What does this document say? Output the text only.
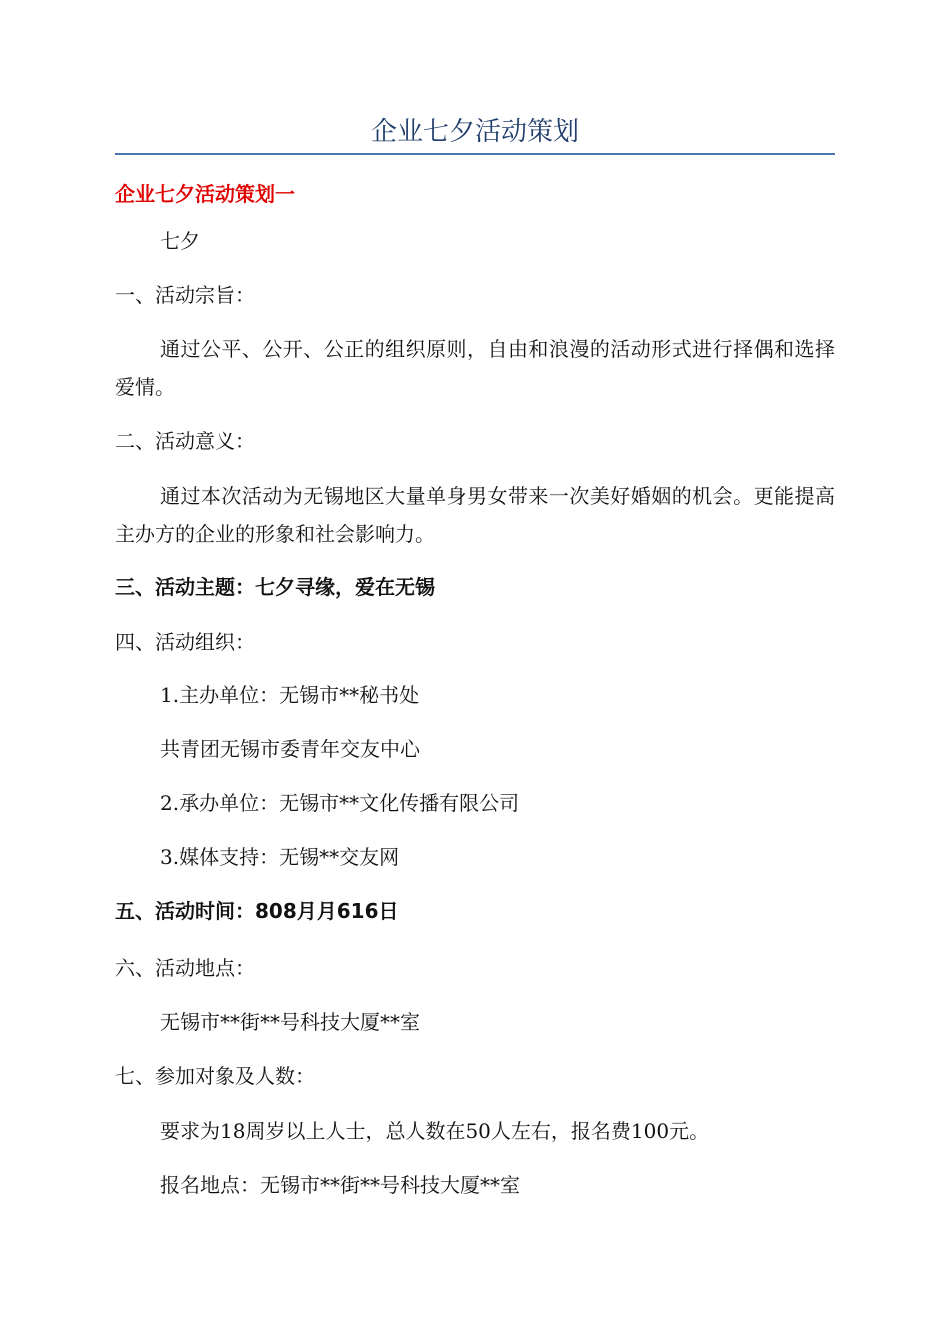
企业七夕活动策划
企业七夕活动策划一
七夕
一、活动宗旨：
通过公平、公开、公正的组织原则，自由和浪漫的活动形式进行择偶和选择爱情。
二、活动意义：
通过本次活动为无锡地区大量单身男女带来一次美好婚姻的机会。更能提高主办方的企业的形象和社会影响力。
三、活动主题：七夕寻缘，爱在无锡
四、活动组织：
1.主办单位：无锡市**秘书处
共青团无锡市委青年交友中心
2.承办单位：无锡市**文化传播有限公司
3.媒体支持：无锡**交友网
五、活动时间：808月月616日
六、活动地点：
无锡市**街**号科技大厦**室
七、参加对象及人数：
要求为18周岁以上人士，总人数在50人左右，报名费100元。
报名地点：无锡市**街**号科技大厦**室
